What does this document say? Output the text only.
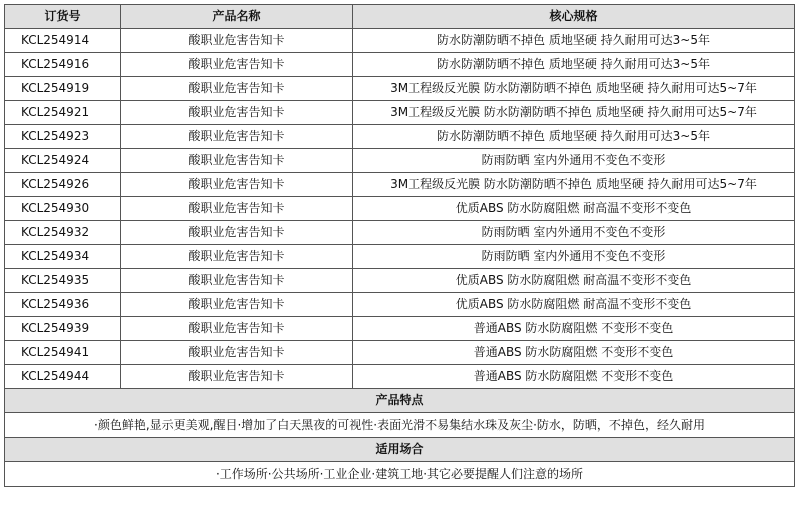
订货号	产品名称	核心规格
KCL254914	酸职业危害告知卡	防水防潮防晒不掉色 质地坚硬 持久耐用可达3~5年
KCL254916	酸职业危害告知卡	防水防潮防晒不掉色 质地坚硬 持久耐用可达3~5年
KCL254919	酸职业危害告知卡	3M工程级反光膜 防水防潮防晒不掉色 质地坚硬 持久耐用可达5~7年
KCL254921	酸职业危害告知卡	3M工程级反光膜 防水防潮防晒不掉色 质地坚硬 持久耐用可达5~7年
KCL254923	酸职业危害告知卡	防水防潮防晒不掉色 质地坚硬 持久耐用可达3~5年
KCL254924	酸职业危害告知卡	防雨防晒 室内外通用不变色不变形
KCL254926	酸职业危害告知卡	3M工程级反光膜 防水防潮防晒不掉色 质地坚硬 持久耐用可达5~7年
KCL254930	酸职业危害告知卡	优质ABS 防水防腐阻燃 耐高温不变形不变色
KCL254932	酸职业危害告知卡	防雨防晒 室内外通用不变色不变形
KCL254934	酸职业危害告知卡	防雨防晒 室内外通用不变色不变形
KCL254935	酸职业危害告知卡	优质ABS 防水防腐阻燃 耐高温不变形不变色
KCL254936	酸职业危害告知卡	优质ABS 防水防腐阻燃 耐高温不变形不变色
KCL254939	酸职业危害告知卡	普通ABS 防水防腐阻燃 不变形不变色
KCL254941	酸职业危害告知卡	普通ABS 防水防腐阻燃 不变形不变色
KCL254944	酸职业危害告知卡	普通ABS 防水防腐阻燃 不变形不变色
产品特点		
·颜色鲜艳,显示更美观,醒目·增加了白天黑夜的可视性·表面光滑不易集结水珠及灰尘·防水，防晒，不掉色，经久耐用		
适用场合		
·工作场所·公共场所·工业企业·建筑工地·其它必要提醒人们注意的场所		
